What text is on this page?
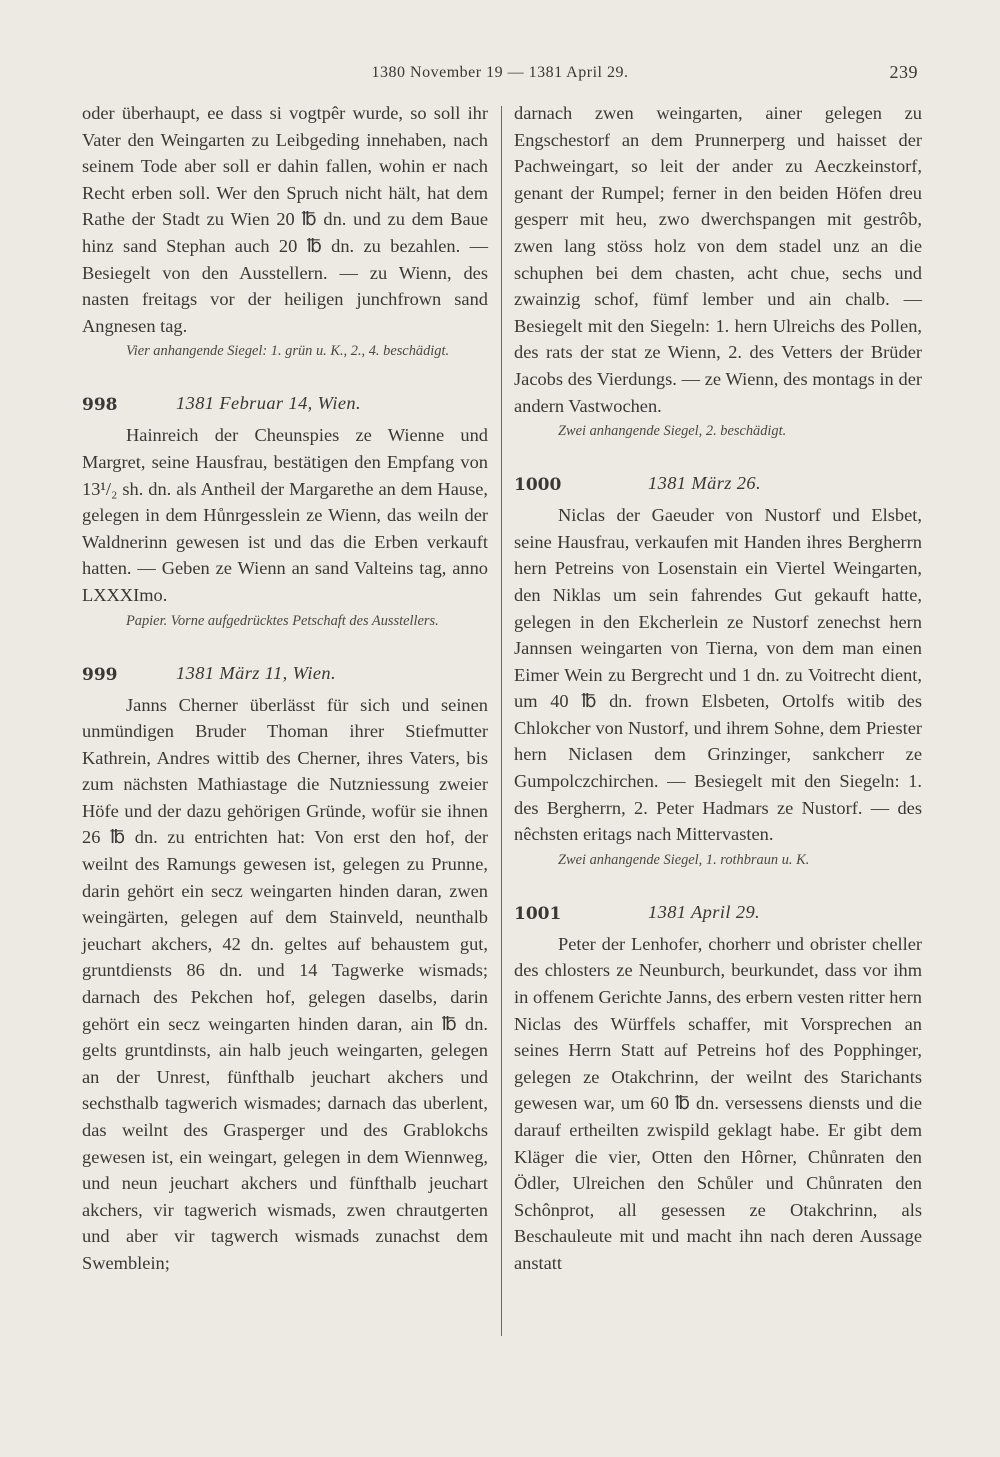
1380 November 19 — 1381 April 29.	239

oder überhaupt, ee dass si vogtpêr wurde, so soll ihr Vater den Weingarten zu Leibgeding innehaben, nach seinem Tode aber soll er dahin fallen, wohin er nach Recht erben soll. Wer den Spruch nicht hält, hat dem Rathe der Stadt zu Wien 20 ℔ dn. und zu dem Baue hinz sand Stephan auch 20 ℔ dn. zu bezahlen. — Besiegelt von den Ausstellern. — zu Wienn, des nasten freitags vor der heiligen junchfrown sand Angnesen tag.

Vier anhangende Siegel: 1. grün u. K., 2., 4. beschädigt.

998	1381 Februar 14, Wien.

Hainreich der Cheunspies ze Wienne und Margret, seine Hausfrau, bestätigen den Empfang von 13¹/₂ sh. dn. als Antheil der Margarethe an dem Hause, gelegen in dem Hůnrgesslein ze Wienn, das weiln der Waldnerinn gewesen ist und das die Erben verkauft hatten. — Geben ze Wienn an sand Valteins tag, anno LXXXImo.

Papier. Vorne aufgedrücktes Petschaft des Ausstellers.

999	1381 März 11, Wien.

Janns Cherner überlässt für sich und seinen unmündigen Bruder Thoman ihrer Stiefmutter Kathrein, Andres wittib des Cherner, ihres Vaters, bis zum nächsten Mathiastage die Nutzniessung zweier Höfe und der dazu gehörigen Gründe, wofür sie ihnen 26 ℔ dn. zu entrichten hat: Von erst den hof, der weilnt des Ramungs gewesen ist, gelegen zu Prunne, darin gehört ein secz weingarten hinden daran, zwen weingärten, gelegen auf dem Stainveld, neunthalb jeuchart akchers, 42 dn. geltes auf behaustem gut, gruntdiensts 86 dn. und 14 Tagwerke wismads; darnach des Pekchen hof, gelegen daselbs, darin gehört ein secz weingarten hinden daran, ain ℔ dn. gelts gruntdinsts, ain halb jeuch weingarten, gelegen an der Unrest, fünfthalb jeuchart akchers und sechsthalb tagwerich wismades; darnach das uberlent, das weilnt des Grasperger und des Grablokchs gewesen ist, ein weingart, gelegen in dem Wiennweg, und neun jeuchart akchers und fünfthalb jeuchart akchers, vir tagwerich wismads, zwen chrautgerten und aber vir tagwerch wismads zunachst dem Swemblein;

darnach zwen weingarten, ainer gelegen zu Engschestorf an dem Prunnerperg und haisset der Pachweingart, so leit der ander zu Aeczkeinstorf, genant der Rumpel; ferner in den beiden Höfen dreu gesperr mit heu, zwo dwerchspangen mit gestrôb, zwen lang stöss holz von dem stadel unz an die schuphen bei dem chasten, acht chue, sechs und zwainzig schof, fümf lember und ain chalb. — Besiegelt mit den Siegeln: 1. hern Ulreichs des Pollen, des rats der stat ze Wienn, 2. des Vetters der Brüder Jacobs des Vierdungs. — ze Wienn, des montags in der andern Vastwochen.

Zwei anhangende Siegel, 2. beschädigt.

1000	1381 März 26.

Niclas der Gaeuder von Nustorf und Elsbet, seine Hausfrau, verkaufen mit Handen ihres Bergherrn hern Petreins von Losenstain ein Viertel Weingarten, den Niklas um sein fahrendes Gut gekauft hatte, gelegen in den Ekcherlein ze Nustorf zenechst hern Jannsen weingarten von Tierna, von dem man einen Eimer Wein zu Bergrecht und 1 dn. zu Voitrecht dient, um 40 ℔ dn. frown Elsbeten, Ortolfs witib des Chlokcher von Nustorf, und ihrem Sohne, dem Priester hern Niclasen dem Grinzinger, sankcherr ze Gumpolczchirchen. — Besiegelt mit den Siegeln: 1. des Bergherrn, 2. Peter Hadmars ze Nustorf. — des nêchsten eritags nach Mittervasten.

Zwei anhangende Siegel, 1. rothbraun u. K.

1001	1381 April 29.

Peter der Lenhofer, chorherr und obrister cheller des chlosters ze Neunburch, beurkundet, dass vor ihm in offenem Gerichte Janns, des erbern vesten ritter hern Niclas des Würffels schaffer, mit Vorsprechen an seines Herrn Statt auf Petreins hof des Popphinger, gelegen ze Otakchrinn, der weilnt des Starichants gewesen war, um 60 ℔ dn. versessens diensts und die darauf ertheilten zwispild geklagt habe. Er gibt dem Kläger die vier, Otten den Hôrner, Chůnraten den Ödler, Ulreichen den Schůler und Chůnraten den Schônprot, all gesessen ze Otakchrinn, als Beschauleute mit und macht ihn nach deren Aussage anstatt
